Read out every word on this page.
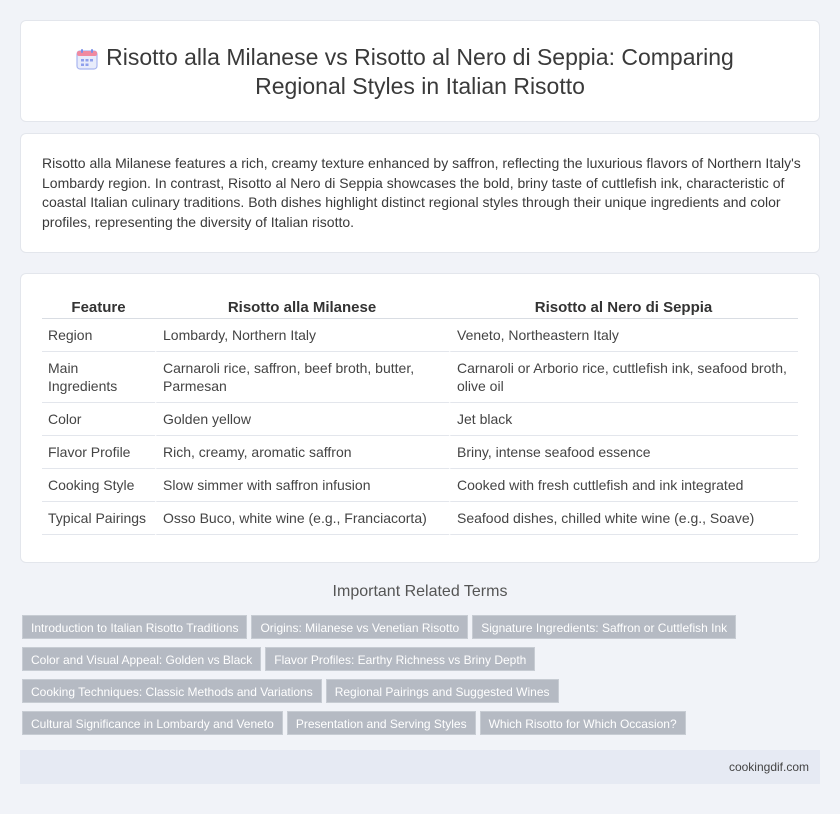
Risotto alla Milanese vs Risotto al Nero di Seppia: Comparing Regional Styles in Italian Risotto

Risotto alla Milanese features a rich, creamy texture enhanced by saffron, reflecting the luxurious flavors of Northern Italy's Lombardy region. In contrast, Risotto al Nero di Seppia showcases the bold, briny taste of cuttlefish ink, characteristic of coastal Italian culinary traditions. Both dishes highlight distinct regional styles through their unique ingredients and color profiles, representing the diversity of Italian risotto.

Feature	Risotto alla Milanese	Risotto al Nero di Seppia
Region	Lombardy, Northern Italy	Veneto, Northeastern Italy
Main Ingredients	Carnaroli rice, saffron, beef broth, butter, Parmesan	Carnaroli or Arborio rice, cuttlefish ink, seafood broth, olive oil
Color	Golden yellow	Jet black
Flavor Profile	Rich, creamy, aromatic saffron	Briny, intense seafood essence
Cooking Style	Slow simmer with saffron infusion	Cooked with fresh cuttlefish and ink integrated
Typical Pairings	Osso Buco, white wine (e.g., Franciacorta)	Seafood dishes, chilled white wine (e.g., Soave)
Important Related Terms
Introduction to Italian Risotto Traditions Origins: Milanese vs Venetian Risotto Signature Ingredients: Saffron or Cuttlefish Ink
Color and Visual Appeal: Golden vs Black Flavor Profiles: Earthy Richness vs Briny Depth
Cooking Techniques: Classic Methods and Variations Regional Pairings and Suggested Wines
Cultural Significance in Lombardy and Veneto Presentation and Serving Styles Which Risotto for Which Occasion?
cookingdif.com
